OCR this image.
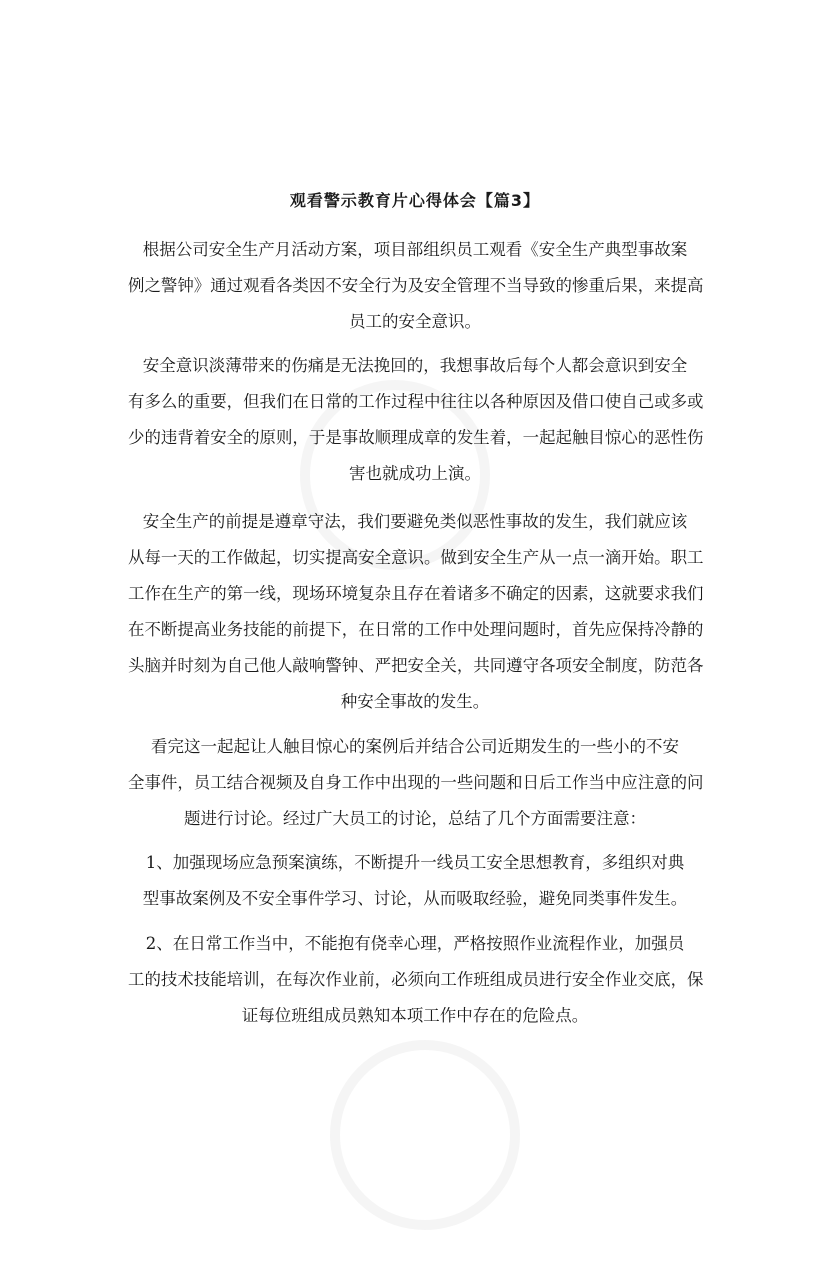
观看警示教育片心得体会【篇3】
根据公司安全生产月活动方案，项目部组织员工观看《安全生产典型事故案
例之警钟》通过观看各类因不安全行为及安全管理不当导致的惨重后果，来提高
员工的安全意识。
安全意识淡薄带来的伤痛是无法挽回的，我想事故后每个人都会意识到安全
有多么的重要，但我们在日常的工作过程中往往以各种原因及借口使自己或多或 少的违背着安全的原则，于是事故顺理成章的发生着，一起起触目惊心的恶性伤
害也就成功上演。
安全生产的前提是遵章守法，我们要避免类似恶性事故的发生，我们就应该
从每一天的工作做起，切实提高安全意识。做到安全生产从一点一滴开始。职工 工作在生产的第一线，现场环境复杂且存在着诸多不确定的因素，这就要求我们 在不断提高业务技能的前提下，在日常的工作中处理问题时，首先应保持冷静的 头脑并时刻为自己他人敲响警钟、严把安全关，共同遵守各项安全制度，防范各
种安全事故的发生。
看完这一起起让人触目惊心的案例后并结合公司近期发生的一些小的不安
全事件，员工结合视频及自身工作中出现的一些问题和日后工作当中应注意的问
题进行讨论。经过广大员工的讨论，总结了几个方面需要注意：
1、加强现场应急预案演练，不断提升一线员工安全思想教育，多组织对典
型事故案例及不安全事件学习、讨论，从而吸取经验，避免同类事件发生。
2、在日常工作当中，不能抱有侥幸心理，严格按照作业流程作业，加强员
工的技术技能培训，在每次作业前，必须向工作班组成员进行安全作业交底，保
证每位班组成员熟知本项工作中存在的危险点。
